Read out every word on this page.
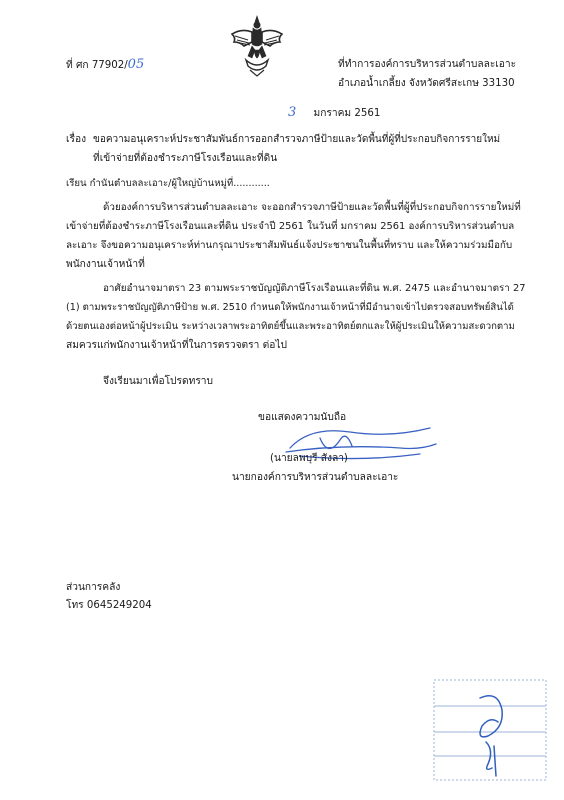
ที่ ศก 77902/05	ที่ทำการองค์การบริหารส่วนตำบลละเอาะ
อำเภอน้ำเกลี้ยง จังหวัดศรีสะเกษ 33130
3 มกราคม 2561
เรื่อง ขอความอนุเคราะห์ประชาสัมพันธ์การออกสำรวจภาษีป้ายและวัดพื้นที่ผู้ที่ประกอบกิจการรายใหม่
ที่เข้าจ่ายที่ต้องชำระภาษีโรงเรือนและที่ดิน
เรียน กำนันตำบลละเอาะ/ผู้ใหญ่บ้านหมู่ที่............
ด้วยองค์การบริหารส่วนตำบลละเอาะ จะออกสำรวจภาษีป้ายและวัดพื้นที่ผู้ที่ประกอบกิจการรายใหม่ที่
เข้าจ่ายที่ต้องชำระภาษีโรงเรือนและที่ดิน ประจำปี 2561 ในวันที่ มกราคม 2561 องค์การบริหารส่วนตำบล
ละเอาะ จึงขอความอนุเคราะห์ท่านกรุณาประชาสัมพันธ์แจ้งประชาชนในพื้นที่ทราบ และให้ความร่วมมือกับ
พนักงานเจ้าหน้าที่
อาศัยอำนาจมาตรา 23 ตามพระราชบัญญัติภาษีโรงเรือนและที่ดิน พ.ศ. 2475 และอำนาจมาตรา 27
(1) ตามพระราชบัญญัติภาษีป้าย พ.ศ. 2510 กำหนดให้พนักงานเจ้าหน้าที่มีอำนาจเข้าไปตรวจสอบทรัพย์สินได้
ด้วยตนเองต่อหน้าผู้ประเมิน ระหว่างเวลาพระอาทิตย์ขึ้นและพระอาทิตย์ตกและให้ผู้ประเมินให้ความสะดวกตาม
สมควรแก่พนักงานเจ้าหน้าที่ในการตรวจตรา ต่อไป
จึงเรียนมาเพื่อโปรดทราบ
ขอแสดงความนับถือ
(นายลพบุรี สังลา)
นายกองค์การบริหารส่วนตำบลละเอาะ
ส่วนการคลัง
โทร 0645249204
